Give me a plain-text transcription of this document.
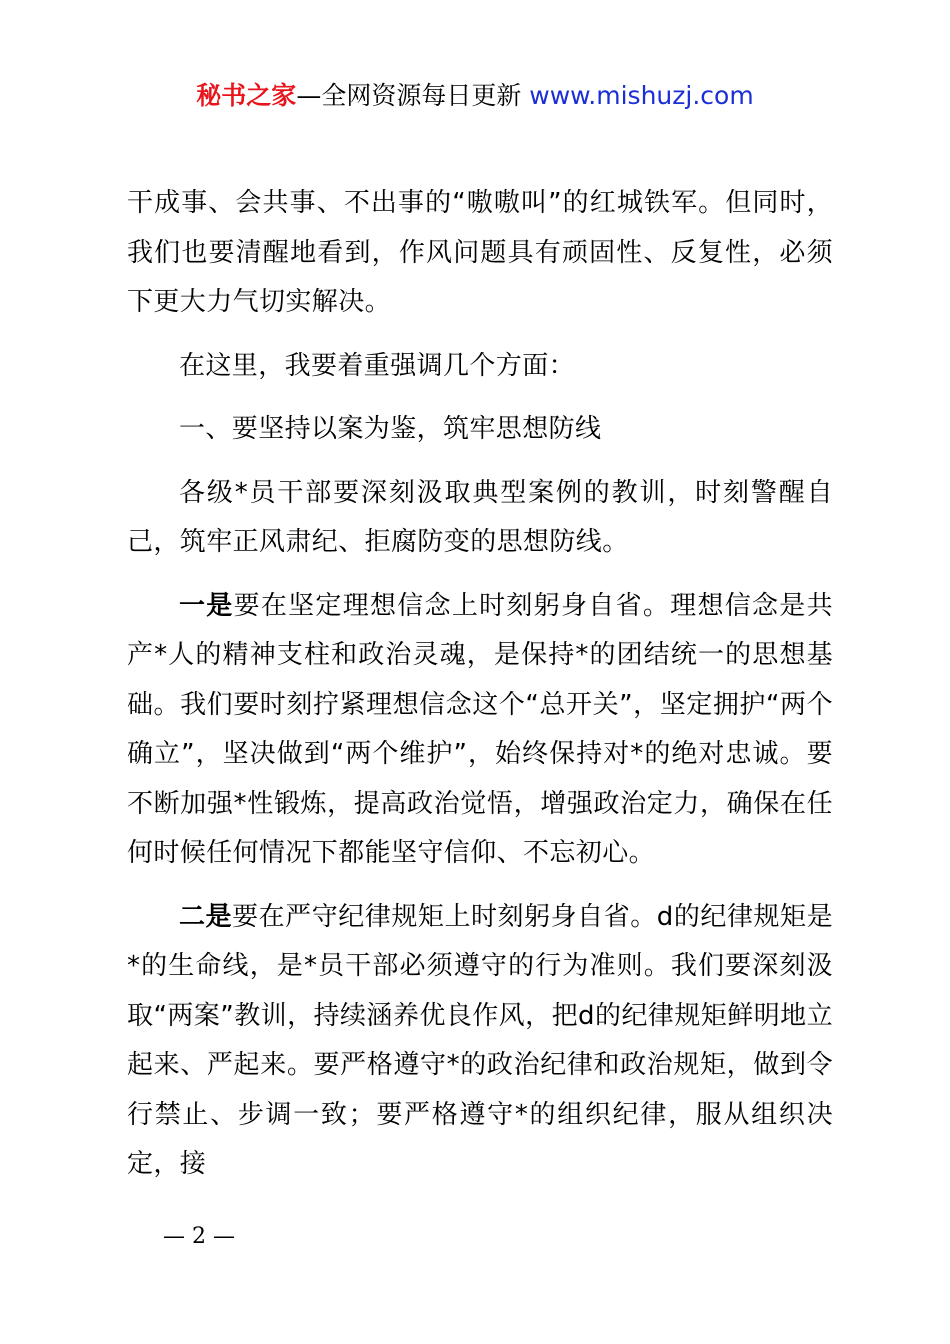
秘书之家—全网资源每日更新 www.mishuzj.com

干成事、会共事、不出事的“嗷嗷叫”的红城铁军。但同时，我们也要清醒地看到，作风问题具有顽固性、反复性，必须下更大力气切实解决。

在这里，我要着重强调几个方面：

一、要坚持以案为鉴，筑牢思想防线

各级*员干部要深刻汲取典型案例的教训，时刻警醒自己，筑牢正风肃纪、拒腐防变的思想防线。

一是要在坚定理想信念上时刻躬身自省。理想信念是共产*人的精神支柱和政治灵魂，是保持*的团结统一的思想基础。我们要时刻拧紧理想信念这个“总开关”，坚定拥护“两个确立”，坚决做到“两个维护”，始终保持对*的绝对忠诚。要不断加强*性锻炼，提高政治觉悟，增强政治定力，确保在任何时候任何情况下都能坚守信仰、不忘初心。

二是要在严守纪律规矩上时刻躬身自省。d的纪律规矩是*的生命线，是*员干部必须遵守的行为准则。我们要深刻汲取“两案”教训，持续涵养优良作风，把d的纪律规矩鲜明地立起来、严起来。要严格遵守*的政治纪律和政治规矩，做到令行禁止、步调一致；要严格遵守*的组织纪律，服从组织决定，接

— 2 —
